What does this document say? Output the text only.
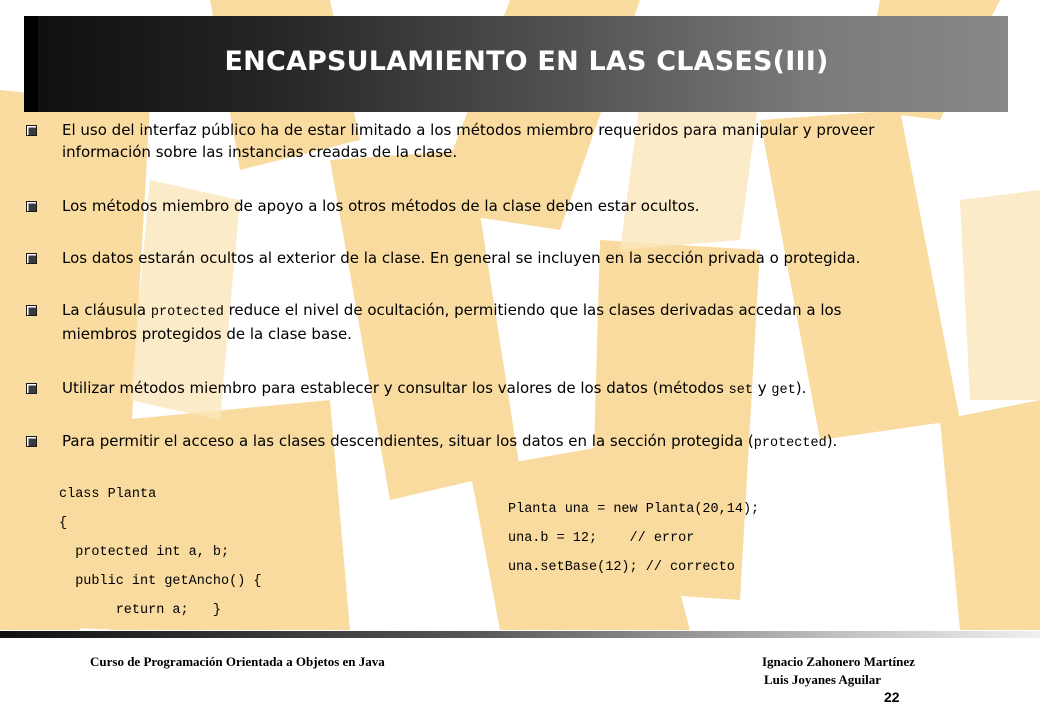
ENCAPSULAMIENTO EN LAS CLASES(III)
El uso del interfaz público ha de estar limitado a los métodos miembro requeridos para manipular y proveer
información sobre las instancias creadas de la clase.
Los métodos miembro de apoyo a los otros métodos de la clase deben estar ocultos.
Los datos estarán ocultos al exterior de la clase. En general se incluyen en la sección privada o protegida.
La cláusula protected reduce el nivel de ocultación, permitiendo que las clases derivadas accedan a los
miembros protegidos de la clase base.
Utilizar métodos miembro para establecer y consultar los valores de los datos (métodos set y get).
Para permitir el acceso a las clases descendientes, situar los datos en la sección protegida (protected).
class Planta
{
protected int a, b;
public int getAncho() {
return a;   }
Planta una = new Planta(20,14);
una.b = 12;    // error
una.setBase(12); // correcto
Curso de Programación Orientada a Objetos en Java	Ignacio Zahonero Martínez
Luis Joyanes Aguilar
22
